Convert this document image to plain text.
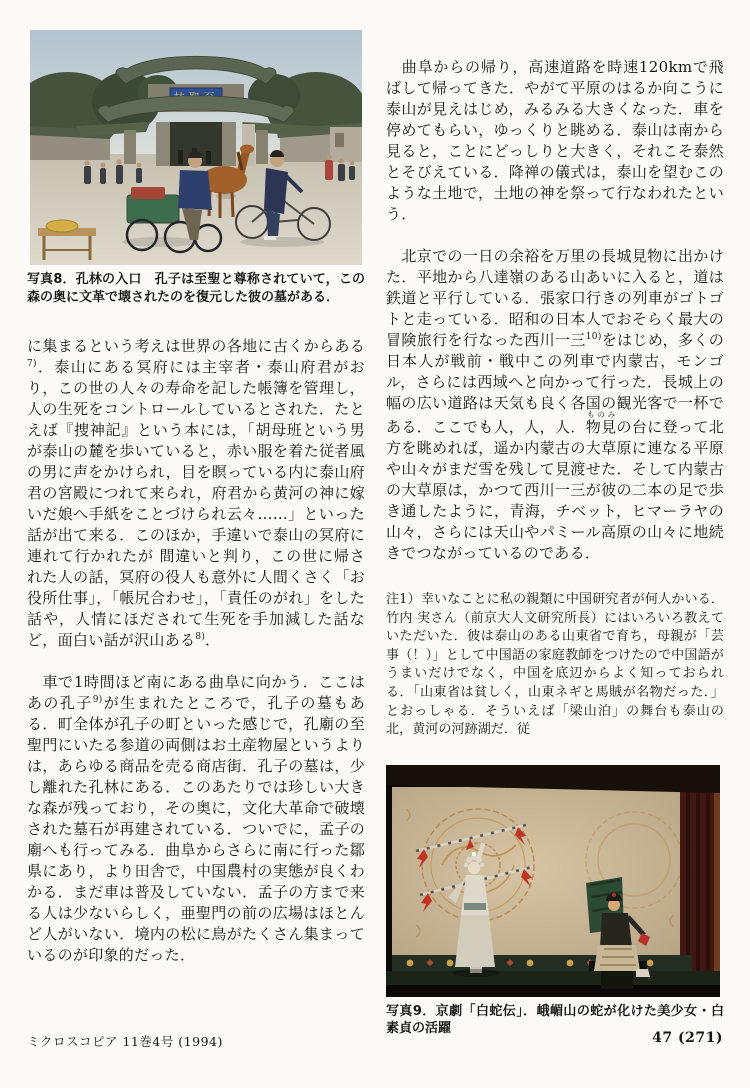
写真8．孔林の入口　孔子は至聖と尊称されていて，この森の奥に文革で壊されたのを復元した彼の墓がある．
に集まるという考えは世界の各地に古くからある$^{7)}$．泰山にある冥府には主宰者・泰山府君がおり，この世の人々の寿命を記した帳簿を管理し，人の生死をコントロールしているとされた．たとえば『捜神記』という本には，「胡母班という男が泰山の麓を歩いていると，赤い服を着た従者風の男に声をかけられ，目を瞑っている内に泰山府君の宮殿につれて来られ，府君から黄河の神に嫁いだ娘へ手紙をことづけられ云々……」といった話が出て来る．このほか，手違いで泰山の冥府に連れて行かれたが 間違いと判り，この世に帰された人の話，冥府の役人も意外に人間くさく「お役所仕事」，「帳尻合わせ」，「責任のがれ」をした話や，人情にほだされて生死を手加減した話など，面白い話が沢山ある$^{8)}$．
　車で1時間ほど南にある曲阜に向かう．ここはあの孔子$^{9)}$が生まれたところで，孔子の墓もある．町全体が孔子の町といった感じで，孔廟の至聖門にいたる参道の両側はお土産物屋というよりは，あらゆる商品を売る商店街．孔子の墓は，少し離れた孔林にある．このあたりでは珍しい大きな森が残っており，その奥に，文化大革命で破壊された墓石が再建されている．ついでに，孟子の廟へも行ってみる．曲阜からさらに南に行った鄒県にあり，より田舎で，中国農村の実態が良くわかる．まだ車は普及していない．孟子の方まで来る人は少ないらしく，亜聖門の前の広場はほとんど人がいない．境内の松に鳥がたくさん集まっているのが印象的だった．
　曲阜からの帰り，高速道路を時速120kmで飛ばして帰ってきた．やがて平原のはるか向こうに泰山が見えはじめ，みるみる大きくなった．車を停めてもらい，ゆっくりと眺める．泰山は南から見ると，ことにどっしりと大きく，それこそ泰然とそびえている．降禅の儀式は，泰山を望むこのような土地で，土地の神を祭って行なわれたという．
　北京での一日の余裕を万里の長城見物に出かけた．平地から八達嶺のある山あいに入ると，道は鉄道と平行している．張家口行きの列車がゴトゴトと走っている．昭和の日本人でおそらく最大の冒険旅行を行なった西川一三$^{10)}$をはじめ，多くの日本人が戦前・戦中この列車で内蒙古，モンゴル，さらには西域へと向かって行った．長城上の幅の広い道路は天気も良く各国の観光客で一杯である．ここでも人，人，人．物見ものみの台に登って北方を眺めれば，遥か内蒙古の大草原に連なる平原や山々がまだ雪を残して見渡せた．そして内蒙古の大草原は，かつて西川一三が彼の二本の足で歩き通したように，青海，チベット，ヒマーラヤの山々，さらには天山やパミール高原の山々に地続きでつながっているのである．
注1）幸いなことに私の親類に中国研究者が何人かいる．竹内 実さん（前京大人文研究所長）にはいろいろ教えていただいた．彼は泰山のある山東省で育ち，母親が「芸事（！）」として中国語の家庭教師をつけたので中国語がうまいだけでなく，中国を底辺からよく知っておられる．「山東省は貧しく，山東ネギと馬賊が名物だった．」とおっしゃる．そういえば「梁山泊」の舞台も泰山の北，黄河の河跡湖だ．従
写真9．京劇「白蛇伝」．峨嵋山の蛇が化けた美少女・白素貞の活躍
ミクロスコピア 11巻4号 (1994)	47 (271)
